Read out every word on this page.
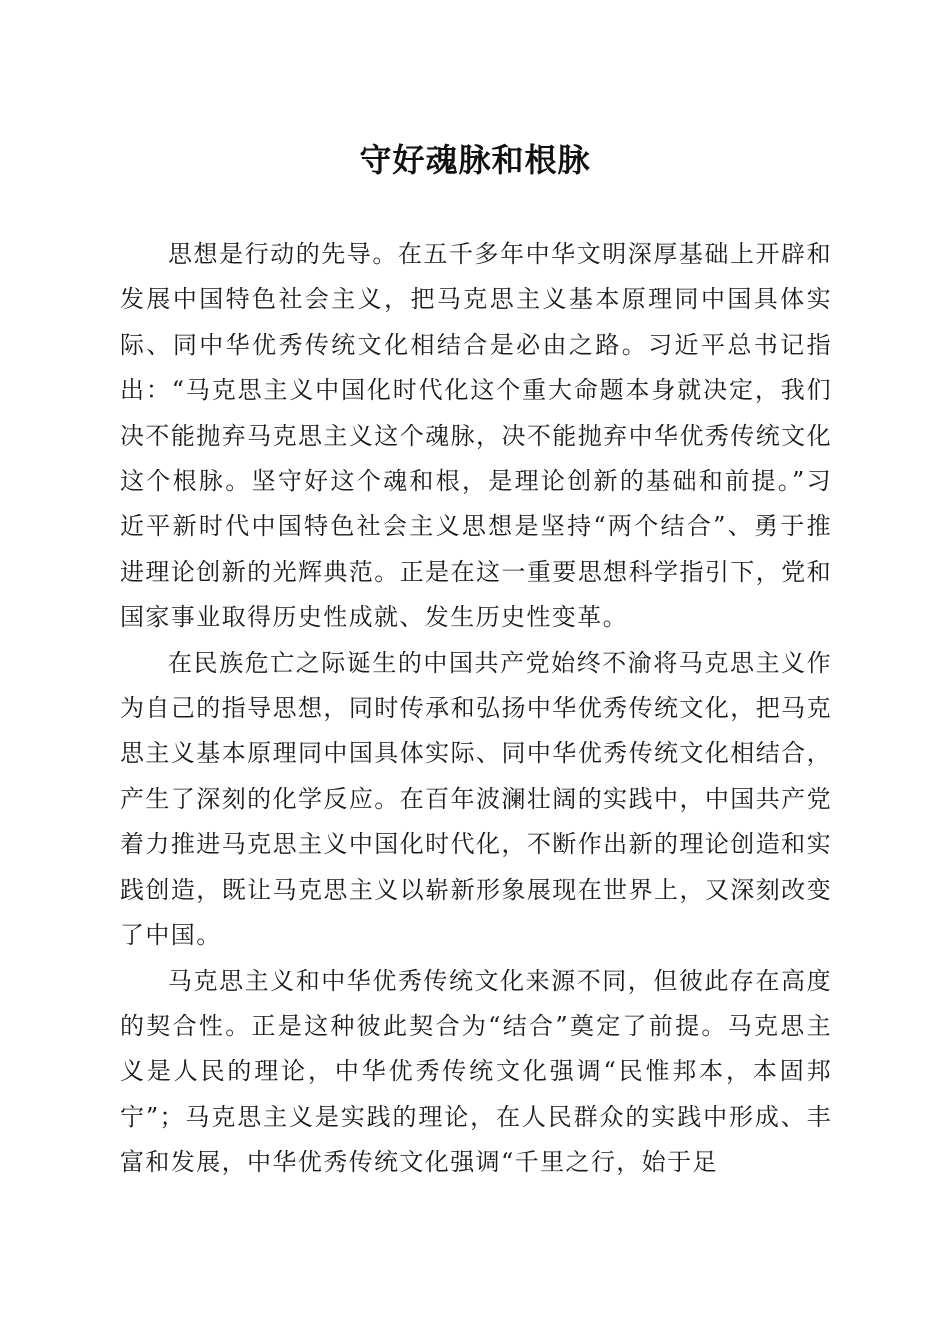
守好魂脉和根脉

思想是行动的先导。在五千多年中华文明深厚基础上开辟和发展中国特色社会主义，把马克思主义基本原理同中国具体实际、同中华优秀传统文化相结合是必由之路。习近平总书记指出：“马克思主义中国化时代化这个重大命题本身就决定，我们决不能抛弃马克思主义这个魂脉，决不能抛弃中华优秀传统文化这个根脉。坚守好这个魂和根，是理论创新的基础和前提。”习近平新时代中国特色社会主义思想是坚持“两个结合”、勇于推进理论创新的光辉典范。正是在这一重要思想科学指引下，党和国家事业取得历史性成就、发生历史性变革。

在民族危亡之际诞生的中国共产党始终不渝将马克思主义作为自己的指导思想，同时传承和弘扬中华优秀传统文化，把马克思主义基本原理同中国具体实际、同中华优秀传统文化相结合，产生了深刻的化学反应。在百年波澜壮阔的实践中，中国共产党着力推进马克思主义中国化时代化，不断作出新的理论创造和实践创造，既让马克思主义以崭新形象展现在世界上，又深刻改变了中国。

马克思主义和中华优秀传统文化来源不同，但彼此存在高度的契合性。正是这种彼此契合为“结合”奠定了前提。马克思主义是人民的理论，中华优秀传统文化强调“民惟邦本，本固邦宁”；马克思主义是实践的理论，在人民群众的实践中形成、丰富和发展，中华优秀传统文化强调“千里之行，始于足
